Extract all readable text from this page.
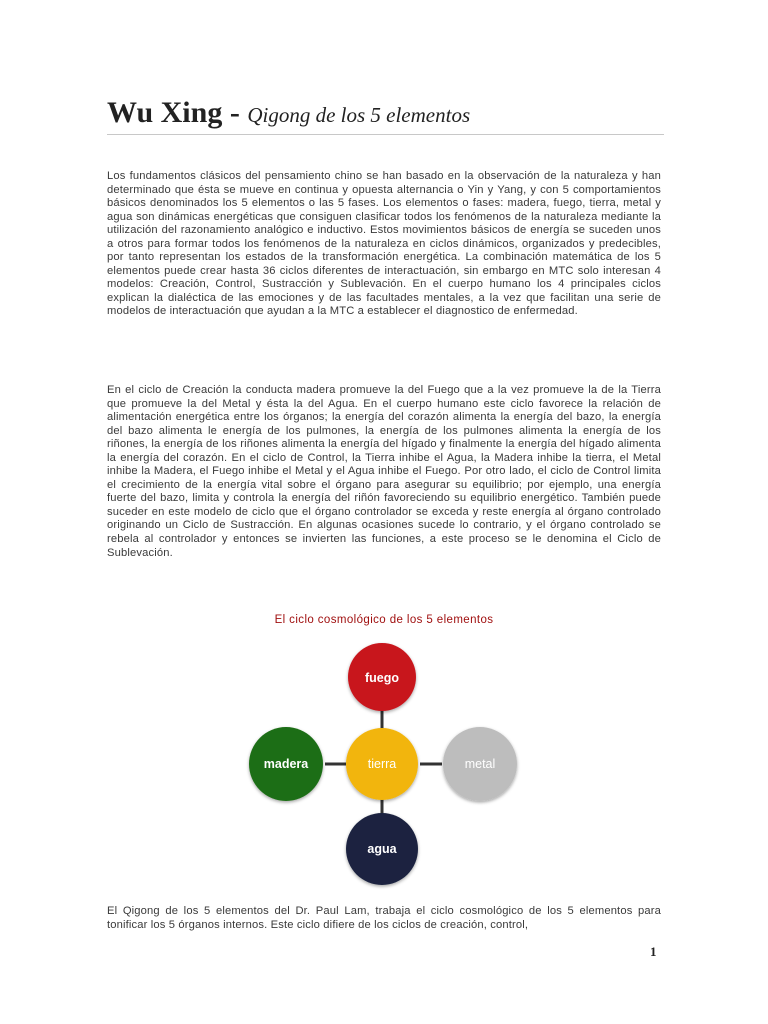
Wu Xing - Qigong de los 5 elementos

Los fundamentos clásicos del pensamiento chino se han basado en la observación de la naturaleza y han determinado que ésta se mueve en continua y opuesta alternancia o Yin y Yang, y con 5 comportamientos básicos denominados los 5 elementos o las 5 fases. Los elementos o fases: madera, fuego, tierra, metal y agua son dinámicas energéticas que consiguen clasificar todos los fenómenos de la naturaleza mediante la utilización del razonamiento analógico e inductivo. Estos movimientos básicos de energía se suceden unos a otros para formar todos los fenómenos de la naturaleza en ciclos dinámicos, organizados y predecibles, por tanto representan los estados de la transformación energética. La combinación matemática de los 5 elementos puede crear hasta 36 ciclos diferentes de interactuación, sin embargo en MTC solo interesan 4 modelos: Creación, Control, Sustracción y Sublevación. En el cuerpo humano los 4 principales ciclos explican la dialéctica de las emociones y de las facultades mentales, a la vez que facilitan una serie de modelos de interactuación que ayudan a la MTC a establecer el diagnostico de enfermedad.

En el ciclo de Creación la conducta madera promueve la del Fuego que a la vez promueve la de la Tierra que promueve la del Metal y ésta la del Agua. En el cuerpo humano este ciclo favorece la relación de alimentación energética entre los órganos; la energía del corazón alimenta la energía del bazo, la energía del bazo alimenta le energía de los pulmones, la energía de los pulmones alimenta la energía de los riñones, la energía de los riñones alimenta la energía del hígado y finalmente la energía del hígado alimenta la energía del corazón. En el ciclo de Control, la Tierra inhibe el Agua, la Madera inhibe la tierra, el Metal inhibe la Madera, el Fuego inhibe el Metal y el Agua inhibe el Fuego. Por otro lado, el ciclo de Control limita el crecimiento de la energía vital sobre el órgano para asegurar su equilibrio; por ejemplo, una energía fuerte del bazo, limita y controla la energía del riñón favoreciendo su equilibrio energético. También puede suceder en este modelo de ciclo que el órgano controlador se exceda y reste energía al órgano controlado originando un Ciclo de Sustracción. En algunas ocasiones sucede lo contrario, y el órgano controlado se rebela al controlador y entonces se invierten las funciones, a este proceso se le denomina el Ciclo de Sublevación.

El ciclo cosmológico de los 5 elementos
fuego
madera	tierra	metal
agua

El Qigong de los 5 elementos del Dr. Paul Lam, trabaja el ciclo cosmológico de los 5 elementos para tonificar los 5 órganos internos. Este ciclo difiere de los ciclos de creación, control,

1
